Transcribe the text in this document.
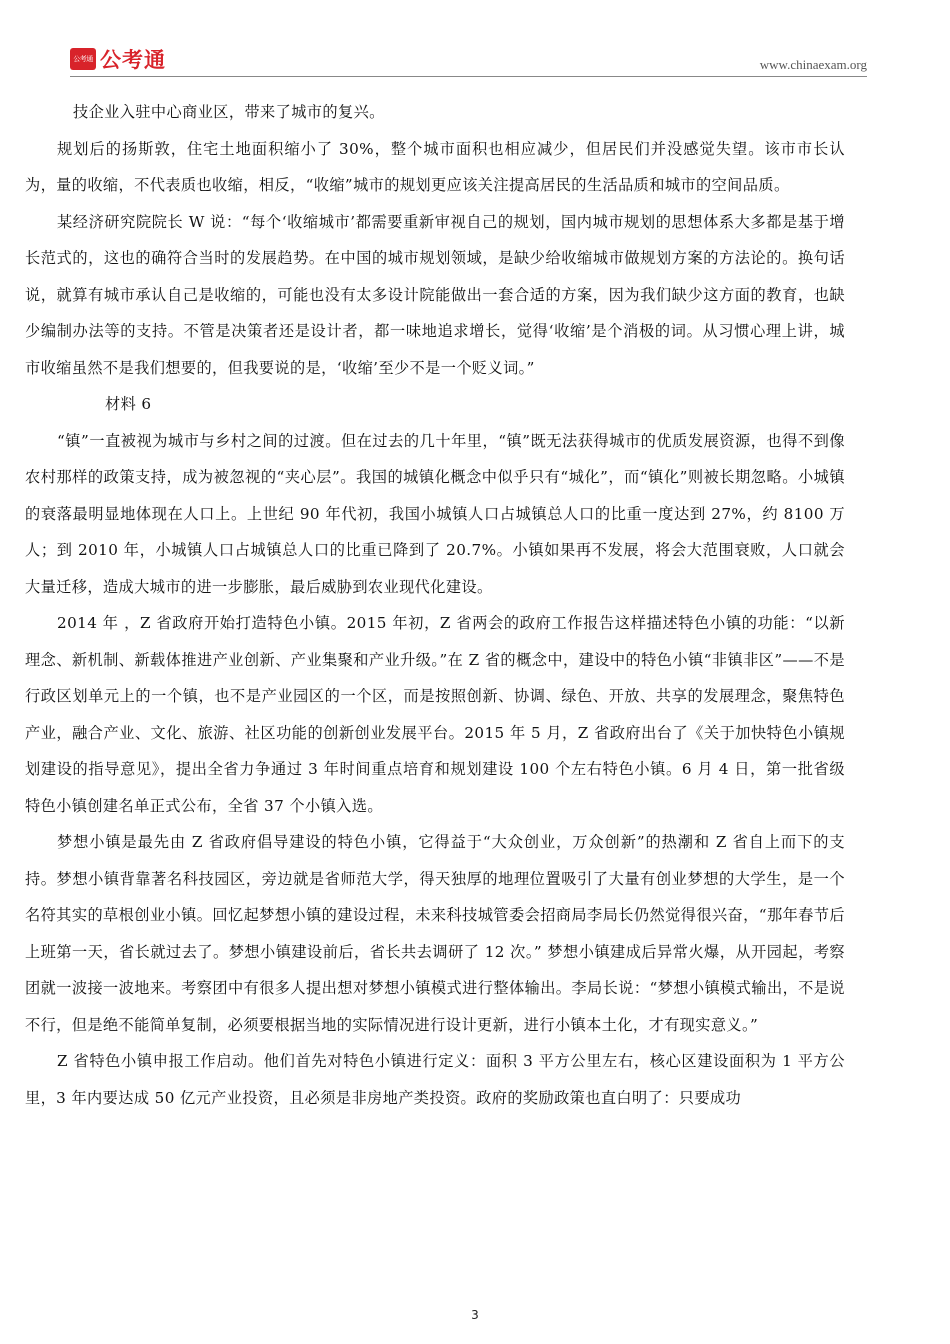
公考通 公考通	www.chinaexam.org

技企业入驻中心商业区，带来了城市的复兴。

规划后的扬斯敦，住宅土地面积缩小了 30%，整个城市面积也相应减少，但居民们并没感觉失望。该市市长认为，量的收缩，不代表质也收缩，相反，“收缩”城市的规划更应该关注提高居民的生活品质和城市的空间品质。

某经济研究院院长 W 说：“每个‘收缩城市’都需要重新审视自己的规划，国内城市规划的思想体系大多都是基于增长范式的，这也的确符合当时的发展趋势。在中国的城市规划领域，是缺少给收缩城市做规划方案的方法论的。换句话说，就算有城市承认自己是收缩的，可能也没有太多设计院能做出一套合适的方案，因为我们缺少这方面的教育，也缺少编制办法等的支持。不管是决策者还是设计者，都一味地追求增长，觉得‘收缩’是个消极的词。从习惯心理上讲，城市收缩虽然不是我们想要的，但我要说的是，‘收缩’至少不是一个贬义词。”

材料 6

“镇”一直被视为城市与乡村之间的过渡。但在过去的几十年里，“镇”既无法获得城市的优质发展资源，也得不到像农村那样的政策支持，成为被忽视的“夹心层”。我国的城镇化概念中似乎只有“城化”，而“镇化”则被长期忽略。小城镇的衰落最明显地体现在人口上。上世纪 90 年代初，我国小城镇人口占城镇总人口的比重一度达到 27%，约 8100 万人；到 2010 年，小城镇人口占城镇总人口的比重已降到了 20.7%。小镇如果再不发展，将会大范围衰败，人口就会大量迁移，造成大城市的进一步膨胀，最后威胁到农业现代化建设。

2014 年 ，Z 省政府开始打造特色小镇。2015 年初，Z 省两会的政府工作报告这样描述特色小镇的功能：“以新理念、新机制、新载体推进产业创新、产业集聚和产业升级。”在 Z 省的概念中，建设中的特色小镇“非镇非区”——不是行政区划单元上的一个镇，也不是产业园区的一个区，而是按照创新、协调、绿色、开放、共享的发展理念，聚焦特色产业，融合产业、文化、旅游、社区功能的创新创业发展平台。2015 年 5 月，Z 省政府出台了《关于加快特色小镇规划建设的指导意见》，提出全省力争通过 3 年时间重点培育和规划建设 100 个左右特色小镇。6 月 4 日，第一批省级特色小镇创建名单正式公布，全省 37 个小镇入选。

梦想小镇是最先由 Z 省政府倡导建设的特色小镇，它得益于“大众创业，万众创新”的热潮和 Z 省自上而下的支持。梦想小镇背靠著名科技园区，旁边就是省师范大学，得天独厚的地理位置吸引了大量有创业梦想的大学生，是一个名符其实的草根创业小镇。回忆起梦想小镇的建设过程，未来科技城管委会招商局李局长仍然觉得很兴奋，“那年春节后上班第一天，省长就过去了。梦想小镇建设前后，省长共去调研了 12 次。” 梦想小镇建成后异常火爆，从开园起，考察团就一波接一波地来。考察团中有很多人提出想对梦想小镇模式进行整体输出。李局长说：“梦想小镇模式输出，不是说不行，但是绝不能简单复制，必须要根据当地的实际情况进行设计更新，进行小镇本土化，才有现实意义。”

Z 省特色小镇申报工作启动。他们首先对特色小镇进行定义：面积 3 平方公里左右，核心区建设面积为 1 平方公里，3 年内要达成 50 亿元产业投资，且必须是非房地产类投资。政府的奖励政策也直白明了：只要成功

3
